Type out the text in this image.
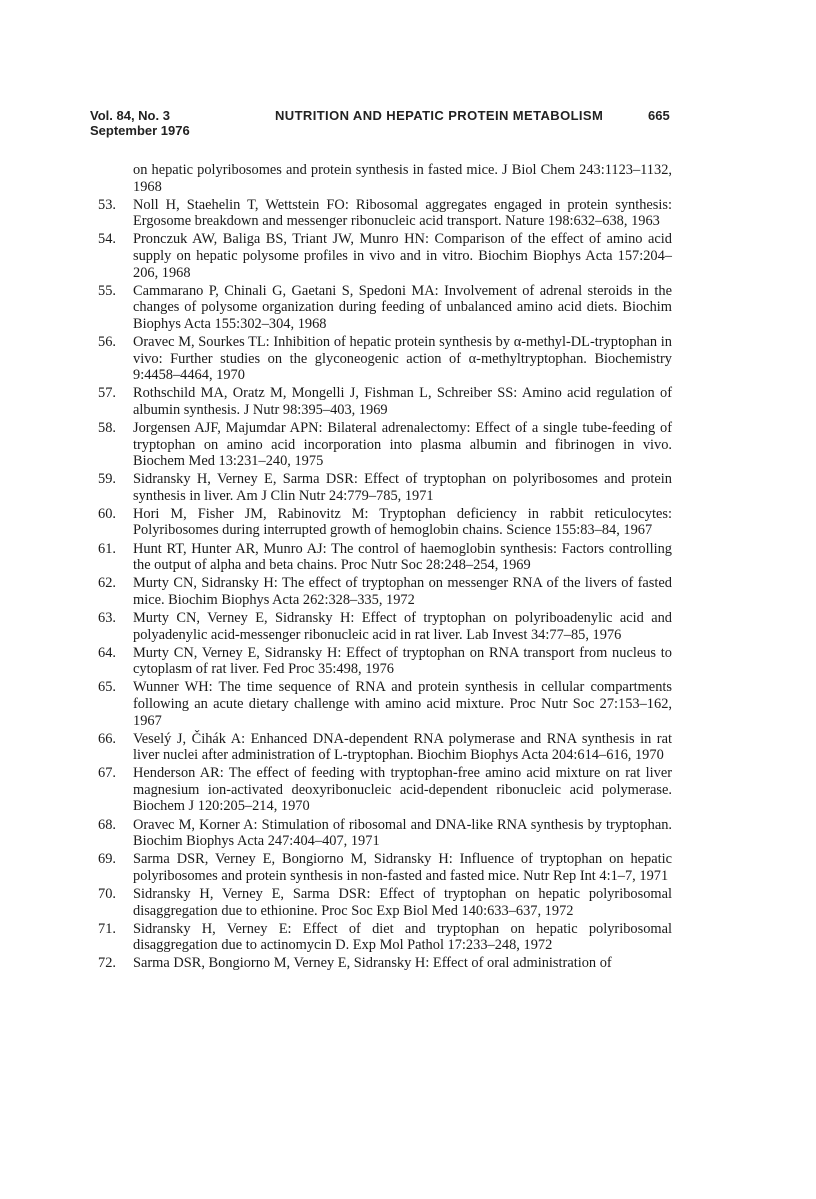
Vol. 84, No. 3
September 1976
NUTRITION AND HEPATIC PROTEIN METABOLISM	665
on hepatic polyribosomes and protein synthesis in fasted mice. J Biol Chem 243:1123–1132, 1968
53. Noll H, Staehelin T, Wettstein FO: Ribosomal aggregates engaged in protein synthesis: Ergosome breakdown and messenger ribonucleic acid transport. Nature 198:632–638, 1963
54. Pronczuk AW, Baliga BS, Triant JW, Munro HN: Comparison of the effect of amino acid supply on hepatic polysome profiles in vivo and in vitro. Biochim Biophys Acta 157:204–206, 1968
55. Cammarano P, Chinali G, Gaetani S, Spedoni MA: Involvement of adrenal steroids in the changes of polysome organization during feeding of unbalanced amino acid diets. Biochim Biophys Acta 155:302–304, 1968
56. Oravec M, Sourkes TL: Inhibition of hepatic protein synthesis by α-methyl-DL-tryptophan in vivo: Further studies on the glyconeogenic action of α-methyltryptophan. Biochemistry 9:4458–4464, 1970
57. Rothschild MA, Oratz M, Mongelli J, Fishman L, Schreiber SS: Amino acid regulation of albumin synthesis. J Nutr 98:395–403, 1969
58. Jorgensen AJF, Majumdar APN: Bilateral adrenalectomy: Effect of a single tube-feeding of tryptophan on amino acid incorporation into plasma albumin and fibrinogen in vivo. Biochem Med 13:231–240, 1975
59. Sidransky H, Verney E, Sarma DSR: Effect of tryptophan on polyribosomes and protein synthesis in liver. Am J Clin Nutr 24:779–785, 1971
60. Hori M, Fisher JM, Rabinovitz M: Tryptophan deficiency in rabbit reticulocytes: Polyribosomes during interrupted growth of hemoglobin chains. Science 155:83–84, 1967
61. Hunt RT, Hunter AR, Munro AJ: The control of haemoglobin synthesis: Factors controlling the output of alpha and beta chains. Proc Nutr Soc 28:248–254, 1969
62. Murty CN, Sidransky H: The effect of tryptophan on messenger RNA of the livers of fasted mice. Biochim Biophys Acta 262:328–335, 1972
63. Murty CN, Verney E, Sidransky H: Effect of tryptophan on polyriboadenylic acid and polyadenylic acid-messenger ribonucleic acid in rat liver. Lab Invest 34:77–85, 1976
64. Murty CN, Verney E, Sidransky H: Effect of tryptophan on RNA transport from nucleus to cytoplasm of rat liver. Fed Proc 35:498, 1976
65. Wunner WH: The time sequence of RNA and protein synthesis in cellular compartments following an acute dietary challenge with amino acid mixture. Proc Nutr Soc 27:153–162, 1967
66. Veselý J, Čihák A: Enhanced DNA-dependent RNA polymerase and RNA synthesis in rat liver nuclei after administration of L-tryptophan. Biochim Biophys Acta 204:614–616, 1970
67. Henderson AR: The effect of feeding with tryptophan-free amino acid mixture on rat liver magnesium ion-activated deoxyribonucleic acid-dependent ribonucleic acid polymerase. Biochem J 120:205–214, 1970
68. Oravec M, Korner A: Stimulation of ribosomal and DNA-like RNA synthesis by tryptophan. Biochim Biophys Acta 247:404–407, 1971
69. Sarma DSR, Verney E, Bongiorno M, Sidransky H: Influence of tryptophan on hepatic polyribosomes and protein synthesis in non-fasted and fasted mice. Nutr Rep Int 4:1–7, 1971
70. Sidransky H, Verney E, Sarma DSR: Effect of tryptophan on hepatic polyribosomal disaggregation due to ethionine. Proc Soc Exp Biol Med 140:633–637, 1972
71. Sidransky H, Verney E: Effect of diet and tryptophan on hepatic polyribosomal disaggregation due to actinomycin D. Exp Mol Pathol 17:233–248, 1972
72. Sarma DSR, Bongiorno M, Verney E, Sidransky H: Effect of oral administration of
